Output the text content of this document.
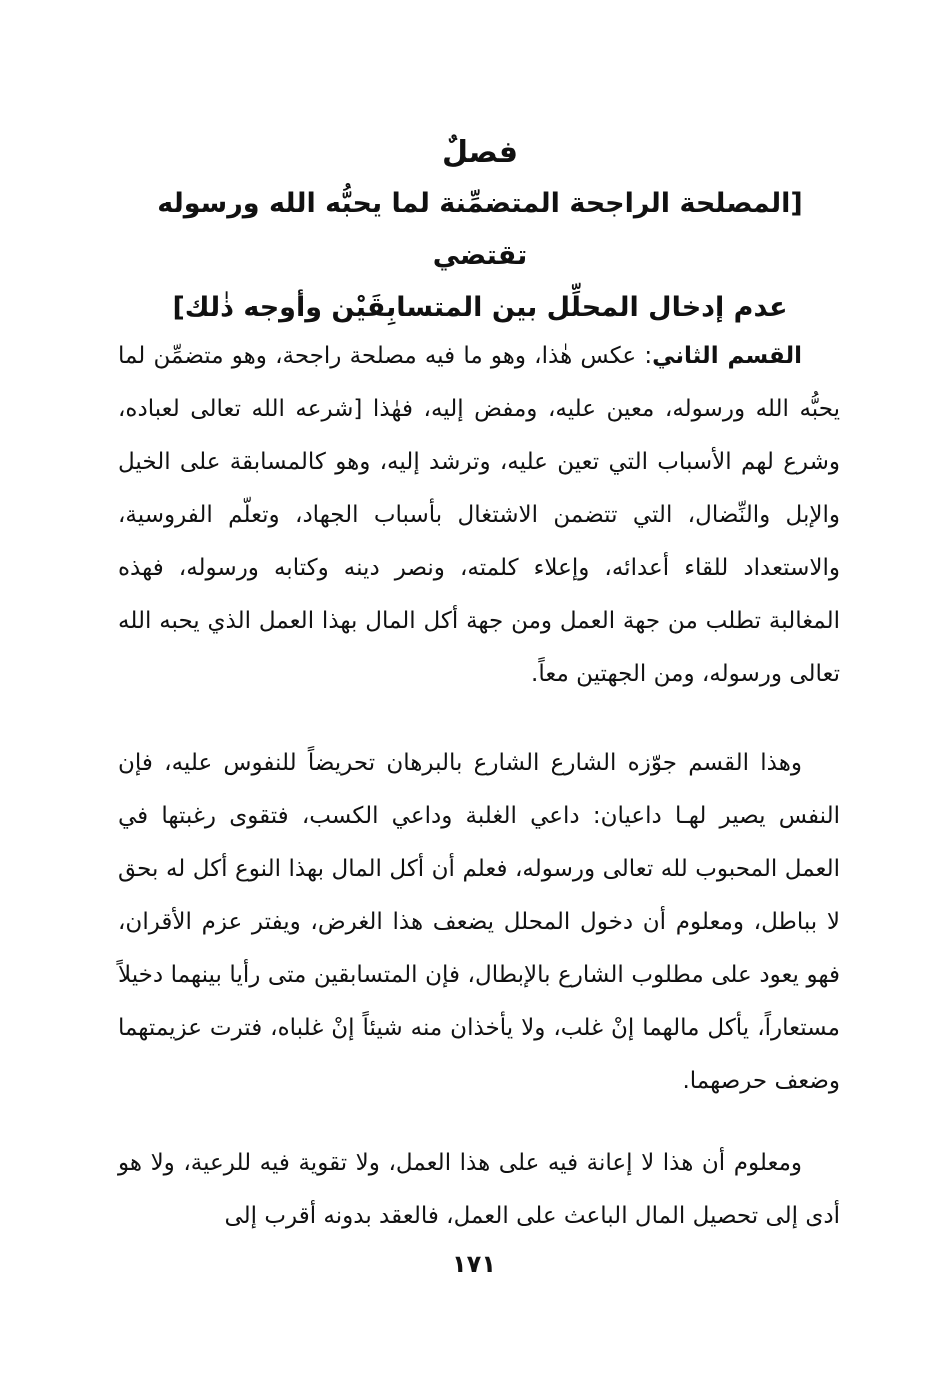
فصلٌ

[المصلحة الراجحة المتضمِّنة لما يحبُّه الله ورسوله تقتضي

عدم إدخال المحلِّل بين المتسابِقَيْن وأوجه ذٰلك]

القسم الثاني: عكس هٰذا، وهو ما فيه مصلحة راجحة، وهو متضمِّن لما يحبُّه الله ورسوله، معين عليه، ومفض إليه، فهٰذا [شرعه الله تعالى لعباده، وشرع لهم الأسباب التي تعين عليه، وترشد إليه، وهو كالمسابقة على الخيل والإبل والنِّضال، التي تتضمن الاشتغال بأسباب الجهاد، وتعلّم الفروسية، والاستعداد للقاء أعدائه، وإعلاء كلمته، ونصر دينه وكتابه ورسوله، فهذه المغالبة تطلب من جهة العمل ومن جهة أكل المال بهذا العمل الذي يحبه الله تعالى ورسوله، ومن الجهتين معاً.

وهذا القسم جوّزه الشارع الشارع بالبرهان تحريضاً للنفوس عليه، فإن النفس يصير لهـا داعيان: داعي الغلبة وداعي الكسب، فتقوى رغبتها في العمل المحبوب لله تعالى ورسوله، فعلم أن أكل المال بهذا النوع أكل له بحق لا بباطل، ومعلوم أن دخول المحلل يضعف هذا الغرض، ويفتر عزم الأقران، فهو يعود على مطلوب الشارع بالإبطال، فإن المتسابقين متى رأيا بينهما دخيلاً مستعاراً، يأكل مالهما إنْ غلب، ولا يأخذان منه شيئاً إنْ غلباه، فترت عزيمتهما وضعف حرصهما.

ومعلوم أن هذا لا إعانة فيه على هذا العمل، ولا تقوية فيه للرعية، ولا هو أدى إلى تحصيل المال الباعث على العمل، فالعقد بدونه أقرب إلى

١٧١
